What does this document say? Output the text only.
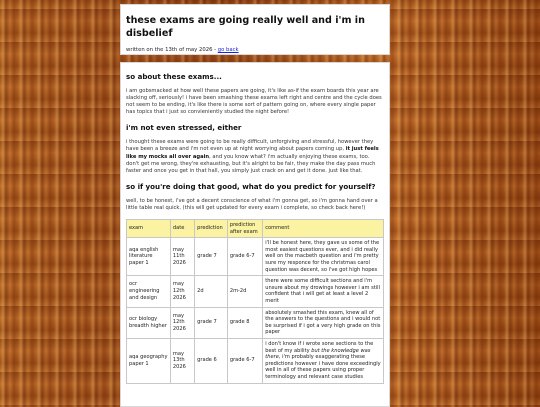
these exams are going really well and i'm in disbelief
written on the 13th of may 2026 - go back
so about these exams...

i am gobsmacked at how well these papers are going, it's like as-if the exam boards this year are slacking off, seriously! i have been smashing these exams left right and centre and the cycle does not seem to be ending, it's like there is some sort of pattern going on, where every single paper has topics that i just so convieniently studied the night before!

i'm not even stressed, either

i thought these exams were going to be really difficult, unforgiving and stressful, however they have been a breeze and i'm not even up at night worrying about papers coming up, it just feels like my mocks all over again, and you know what? i'm actually enjoying these exams, too. don't get me wrong, they're exhausting, but it's alright to be fair, they make the day pass much faster and once you get in that hall, you simply just crack on and get it done. just like that.

so if you're doing that good, what do you predict for yourself?

well, to be honest, i've got a decent conscience of what i'm gonna get, so i'm gonna hand over a little table real quick. (this will get updated for every exam i complete, so check back here!)

exam	date	prediction	prediction after exam	comment
aqa english literature paper 1	may 11th 2026	grade 7	grade 6-7	i'll be honest here, they gave us some of the most easiest questions ever, and i did really well on the macbeth question and i'm pretty sure my responce for the christmas carol question was decent, so i've got high hopes
ocr engineering and design	may 12th 2026	2d	2m-2d	there were some difficult sections and i'm unsure about my drowings however i am still confident that i will get at least a level 2 merit
ocr biology breadth higher	may 12th 2026	grade 7	grade 8	absolutely smashed this exam, knew all of the answers to the questions and i would not be surprised if i got a very high grade on this paper
aqa geography paper 1	may 13th 2026	grade 6	grade 6-7	i don't know if i wrote sone sections to the best of my ability but the knowledge was there, i'm probably exaggerating these predictions however i have done exceedingly well in all of these papers using proper terminology and relevant case studies
